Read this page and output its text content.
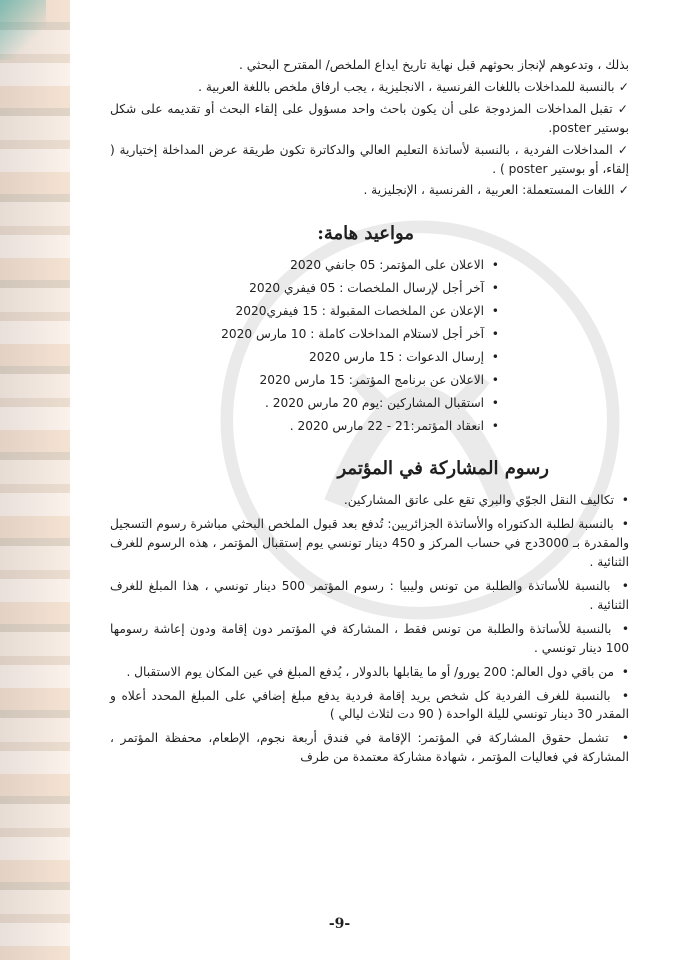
بذلك ، وتدعوهم لإنجاز بحوثهم قبل نهاية تاريخ ايداع الملخص/ المقترح البحثي .

✓ بالنسبة للمداخلات باللغات الفرنسية ، الانجليزية ، يجب ارفاق ملخص باللغة العربية .

✓ تقبل المداخلات المزدوجة على أن يكون باحث واحد مسؤول على إلقاء البحث أو تقديمه على شكل بوستير poster.

✓ المداخلات الفردية ، بالنسبة لأساتذة التعليم العالي والدكاترة تكون طريقة عرض المداخلة إختيارية ( إلقاء، أو بوستير poster ) .

✓ اللغات المستعملة: العربية ، الفرنسية ، الإنجليزية .

مواعيد هامة:
•  الاعلان على المؤتمر: 05 جانفي 2020
•  آخر أجل لإرسال الملخصات : 05 فيفري 2020
•  الإعلان عن الملخصات المقبولة : 15 فيفري2020
•  آخر أجل لاستلام المداخلات كاملة : 10 مارس 2020
•  إرسال الدعوات : 15 مارس 2020
•  الاعلان عن برنامج المؤتمر: 15 مارس 2020
•  استقبال المشاركين :يوم 20 مارس 2020 .
•  انعقاد المؤتمر:21 - 22 مارس 2020 .
رسوم المشاركة في المؤتمر
•  تكاليف النقل الجوّي والبري تقع على عاتق المشاركين.
•  بالنسبة لطلبة الدكتوراه والأساتذة الجزائريين: تُدفع بعد قبول الملخص البحثي مباشرة رسوم التسجيل والمقدرة بـ 3000دج في حساب المركز و 450 دينار تونسي يوم إستقبال المؤتمر ، هذه الرسوم للغرف الثنائية .
•  بالنسبة للأساتذة والطلبة من تونس وليبيا : رسوم المؤتمر 500 دينار تونسي ، هذا المبلغ للغرف الثنائية .
•  بالنسبة للأساتذة والطلبة من تونس فقط ، المشاركة في المؤتمر دون إقامة ودون إعاشة رسومها 100 دينار تونسي .
•  من باقي دول العالم: 200 يورو/ أو ما يقابلها بالدولار ، يُدفع المبلغ في عين المكان يوم الاستقبال .
•  بالنسبة للغرف الفردية كل شخص يريد إقامة فردية يدفع مبلغ إضافي على المبلغ المحدد أعلاه و المقدر 30 دينار تونسي لليلة الواحدة ( 90 دت لثلاث ليالي )
•  تشمل حقوق المشاركة في المؤتمر: الإقامة في فندق أربعة نجوم، الإطعام، محفظة المؤتمر ، المشاركة في فعاليات المؤتمر ، شهادة مشاركة معتمدة من طرف
-9-
